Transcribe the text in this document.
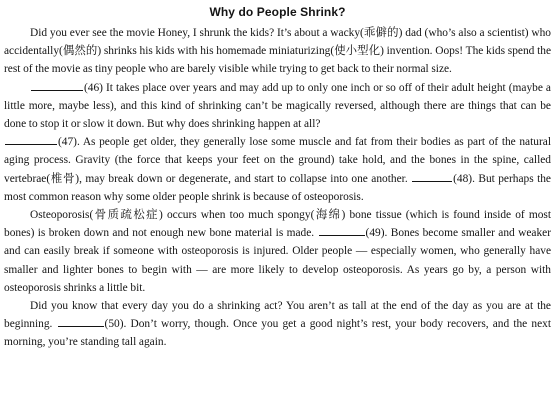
Why do People Shrink?

Did you ever see the movie Honey, I shrunk the kids? It’s about a wacky(乖僻的) dad (who’s also a scientist) who accidentally(偶然的) shrinks his kids with his homemade miniaturizing(使小型化) invention. Oops! The kids spend the rest of the movie as tiny people who are barely visible while trying to get back to their normal size.

(46) It takes place over years and may add up to only one inch or so off of their adult height (maybe a little more, maybe less), and this kind of shrinking can’t be magically reversed, although there are things that can be done to stop it or slow it down. But why does shrinking happen at all?

(47). As people get older, they generally lose some muscle and fat from their bodies as part of the natural aging process. Gravity (the force that keeps your feet on the ground) take hold, and the bones in the spine, called vertebrae(椎骨), may break down or degenerate, and start to collapse into one another.	(48). But perhaps the most common reason why some older people shrink is because of osteoporosis.

Osteoporosis(骨质疏松症) occurs when too much spongy(海绵) bone tissue (which is found inside of most bones) is broken down and not enough new bone material is made.	(49). Bones become smaller and weaker and can easily break if someone with osteoporosis is injured. Older people — especially women, who generally have smaller and lighter bones to begin with — are more likely to develop osteoporosis. As years go by, a person with osteoporosis shrinks a little bit.

Did you know that every day you do a shrinking act? You aren’t as tall at the end of the day as you are at the beginning.	(50). Don’t worry, though. Once you get a good night’s rest, your body recovers, and the next morning, you’re standing tall again.
